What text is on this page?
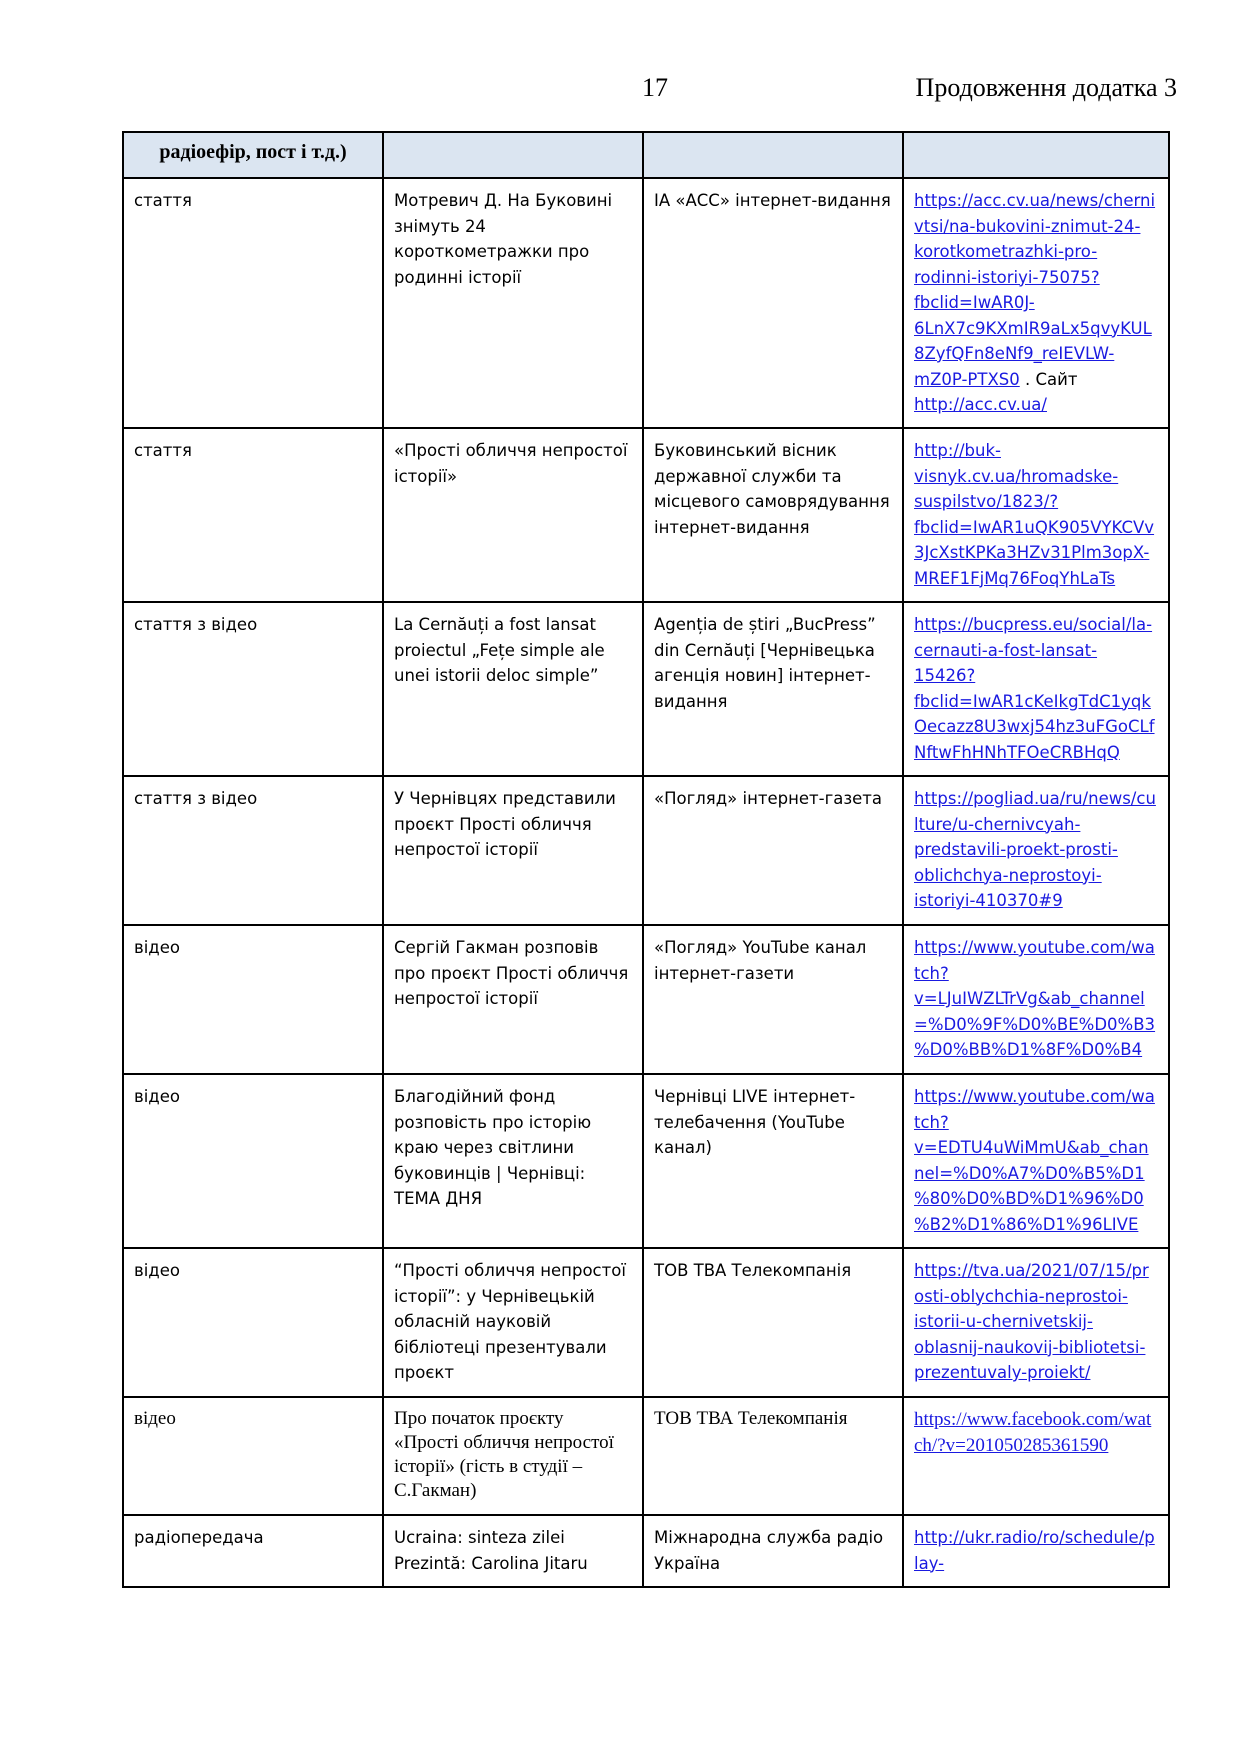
17	Продовження додатка 3
радіоефір, пост і т.д.)			
стаття	Мотревич Д. На Буковині знімуть 24 короткометражки про родинні історії	ІА «АСС» інтернет-видання	https://acc.cv.ua/news/chernivtsi/na-bukovini-znimut-24-korotkometrazhki-pro-rodinni-istoriyi-75075?fbclid=IwAR0J-6LnX7c9KXmIR9aLx5qvyKUL8ZyfQFn8eNf9_reIEVLW-mZ0P-PTXS0 . Сайт http://acc.cv.ua/
стаття	«Прості обличчя непростої історії»	Буковинський вісник державної служби та місцевого самоврядування інтернет-видання	http://buk-visnyk.cv.ua/hromadske-suspilstvo/1823/?fbclid=IwAR1uQK905VYKCVv3JcXstKPKa3HZv31Plm3opX-MREF1FjMq76FoqYhLaTs
стаття з відео	La Cernăuți a fost lansat proiectul „Fețe simple ale unei istorii deloc simple”	Agenția de știri „BucPress” din Cernăuți [Чернівецька агенція новин] інтернет-видання	https://bucpress.eu/social/la-cernauti-a-fost-lansat-15426?fbclid=IwAR1cKeIkgTdC1yqkOecazz8U3wxj54hz3uFGoCLfNftwFhHNhTFOeCRBHqQ
стаття з відео	У Чернівцях представили проєкт Прості обличчя непростої історії	«Погляд» інтернет-газета	https://pogliad.ua/ru/news/culture/u-chernivcyah-predstavili-proekt-prosti-oblichchya-neprostoyi-istoriyi-410370#9
відео	Сергій Гакман розповів про проєкт Прості обличчя непростої історії	«Погляд» YouTube канал інтернет-газети	https://www.youtube.com/watch?v=LJuIWZLTrVg&ab_channel=%D0%9F%D0%BE%D0%B3%D0%BB%D1%8F%D0%B4
відео	Благодійний фонд розповість про історію краю через світлини буковинців | Чернівці: ТЕМА ДНЯ	Чернівці LIVE інтернет-телебачення (YouTube канал)	https://www.youtube.com/watch?v=EDTU4uWiMmU&ab_channel=%D0%A7%D0%B5%D1%80%D0%BD%D1%96%D0%B2%D1%86%D1%96LIVE
відео	“Прості обличчя непростої історії”: у Чернівецькій обласній науковій бібліотеці презентували проєкт	ТОВ ТВА Телекомпанія	https://tva.ua/2021/07/15/prosti-oblychchia-neprostoi-istorii-u-chernivetskij-oblasnij-naukovij-bibliotetsi-prezentuvaly-proiekt/
відео	Про початок проєкту «Прості обличчя непростої історії» (гість в студії – С.Гакман)	ТОВ ТВА Телекомпанія	https://www.facebook.com/watch/?v=201050285361590
радіопередача	Ucraina: sinteza zilei Prezintă: Carolina Jitaru	Міжнародна служба радіо Україна	http://ukr.radio/ro/schedule/play-
